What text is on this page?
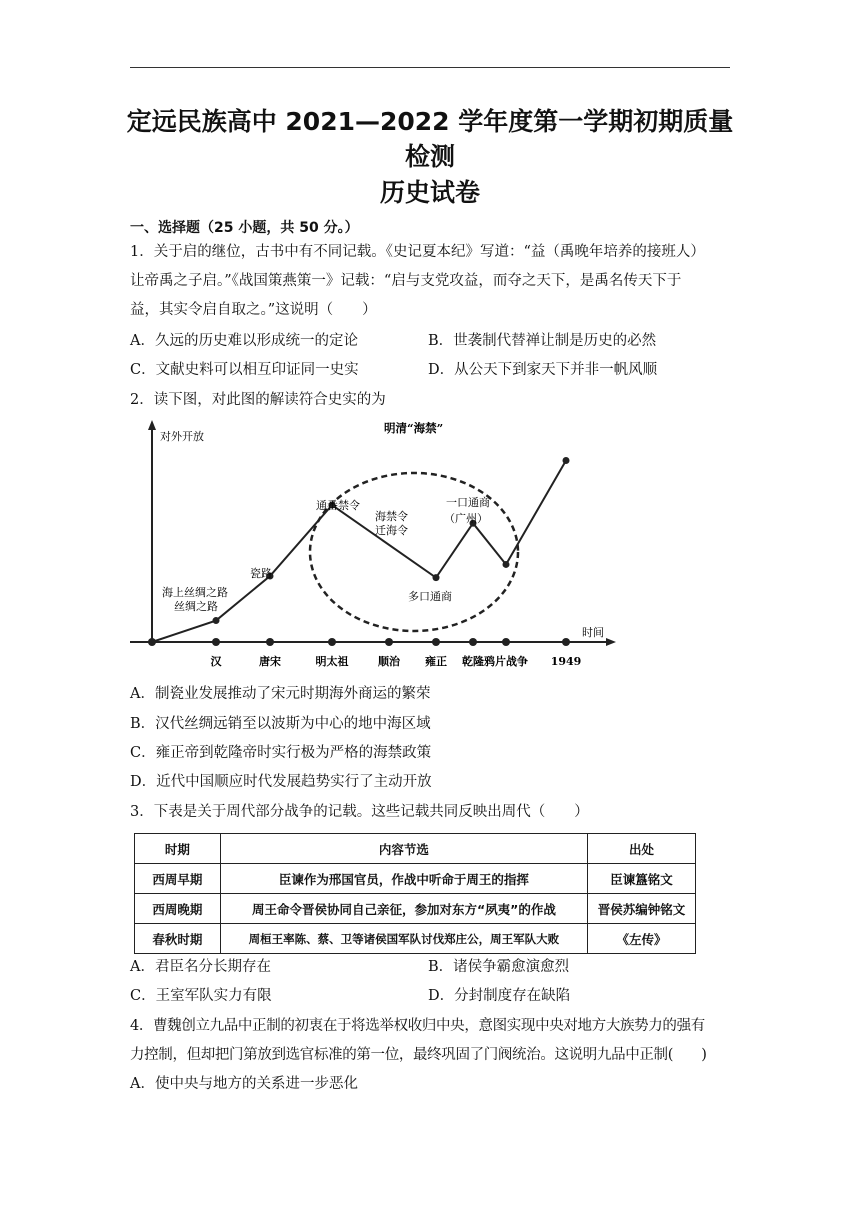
定远民族高中 2021—2022 学年度第一学期初期质量
检测
历史试卷
一、选择题（25 小题，共 50 分。）
1．关于启的继位，古书中有不同记载。《史记夏本纪》写道：“益（禹晚年培养的接班人）
让帝禹之子启。”《战国策燕策一》记载：“启与支党攻益，而夺之天下，是禹名传天下于
益，其实令启自取之。”这说明（　　）
A．久远的历史难以形成统一的定论	B．世袭制代替禅让制是历史的必然
C．文献史料可以相互印证同一史实	D．从公天下到家天下并非一帆风顺
2．读下图，对此图的解读符合史实的为
对外开放
时间
明清“海禁”
汉	唐宋	明太祖	顺治 雍正 乾隆 鸦片战争 1949
海上丝绸之路
丝绸之路
瓷路
通番禁令
海禁令
迁海令
一口通商
（广州）
多口通商
A．制瓷业发展推动了宋元时期海外商运的繁荣
B．汉代丝绸远销至以波斯为中心的地中海区域
C．雍正帝到乾隆帝时实行极为严格的海禁政策
D．近代中国顺应时代发展趋势实行了主动开放
3．下表是关于周代部分战争的记载。这些记载共同反映出周代（　　）
时期	内容节选	出处
西周早期	臣谏作为邢国官员，作战中听命于周王的指挥	臣谏簋铭文
西周晚期	周王命令晋侯协同自己亲征，参加对东方“夙夷”的作战	晋侯苏编钟铭文
春秋时期	周桓王率陈、蔡、卫等诸侯国军队讨伐郑庄公，周王军队大败	《左传》
A．君臣名分长期存在	B．诸侯争霸愈演愈烈
C．王室军队实力有限	D．分封制度存在缺陷
4．曹魏创立九品中正制的初衷在于将选举权收归中央，意图实现中央对地方大族势力的强有
力控制，但却把门第放到选官标准的第一位，最终巩固了门阀统治。这说明九品中正制(　　)
A．使中央与地方的关系进一步恶化
